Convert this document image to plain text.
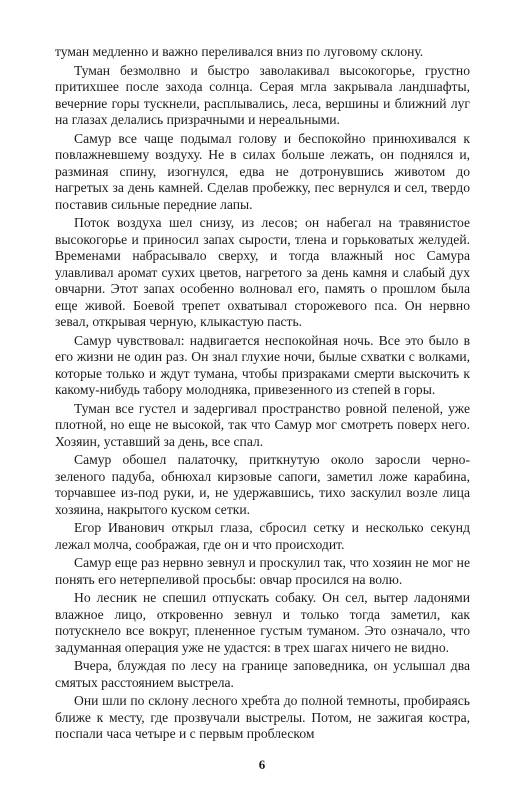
туман медленно и важно переливался вниз по луговому склону.

Туман безмолвно и быстро заволакивал высокогорье, грустно притихшее после захода солнца. Серая мгла закрывала ландшафты, вечерние горы тускнели, расплывались, леса, вершины и ближний луг на глазах делались призрачными и нереальными.

Самур все чаще подымал голову и беспокойно принюхивался к повлажневшему воздуху. Не в силах больше лежать, он поднялся и, разминая спину, изогнулся, едва не дотронувшись животом до нагретых за день камней. Сделав пробежку, пес вернулся и сел, твердо поставив сильные передние лапы.

Поток воздуха шел снизу, из лесов; он набегал на травянистое высокогорье и приносил запах сырости, тлена и горьковатых желудей. Временами набрасывало сверху, и тогда влажный нос Самура улавливал аромат сухих цветов, нагретого за день камня и слабый дух овчарни. Этот запах особенно волновал его, память о прошлом была еще живой. Боевой трепет охватывал сторожевого пса. Он нервно зевал, открывая черную, клыкастую пасть.

Самур чувствовал: надвигается неспокойная ночь. Все это было в его жизни не один раз. Он знал глухие ночи, былые схватки с волками, которые только и ждут тумана, чтобы призраками смерти выскочить к какому-нибудь табору молодняка, привезенного из степей в горы.

Туман все густел и задергивал пространство ровной пеленой, уже плотной, но еще не высокой, так что Самур мог смотреть поверх него. Хозяин, уставший за день, все спал.

Самур обошел палаточку, приткнутую около заросли черно-зеленого падуба, обнюхал кирзовые сапоги, заметил ложе карабина, торчавшее из-под руки, и, не удержавшись, тихо заскулил возле лица хозяина, накрытого куском сетки.

Егор Иванович открыл глаза, сбросил сетку и несколько секунд лежал молча, соображая, где он и что происходит.

Самур еще раз нервно зевнул и проскулил так, что хозяин не мог не понять его нетерпеливой просьбы: овчар просился на волю.

Но лесник не спешил отпускать собаку. Он сел, вытер ладонями влажное лицо, откровенно зевнул и только тогда заметил, как потускнело все вокруг, плененное густым туманом. Это означало, что задуманная операция уже не удастся: в трех шагах ничего не видно.

Вчера, блуждая по лесу на границе заповедника, он услышал два смятых расстоянием выстрела.

Они шли по склону лесного хребта до полной темноты, пробираясь ближе к месту, где прозвучали выстрелы. Потом, не зажигая костра, поспали часа четыре и с первым проблеском

6
